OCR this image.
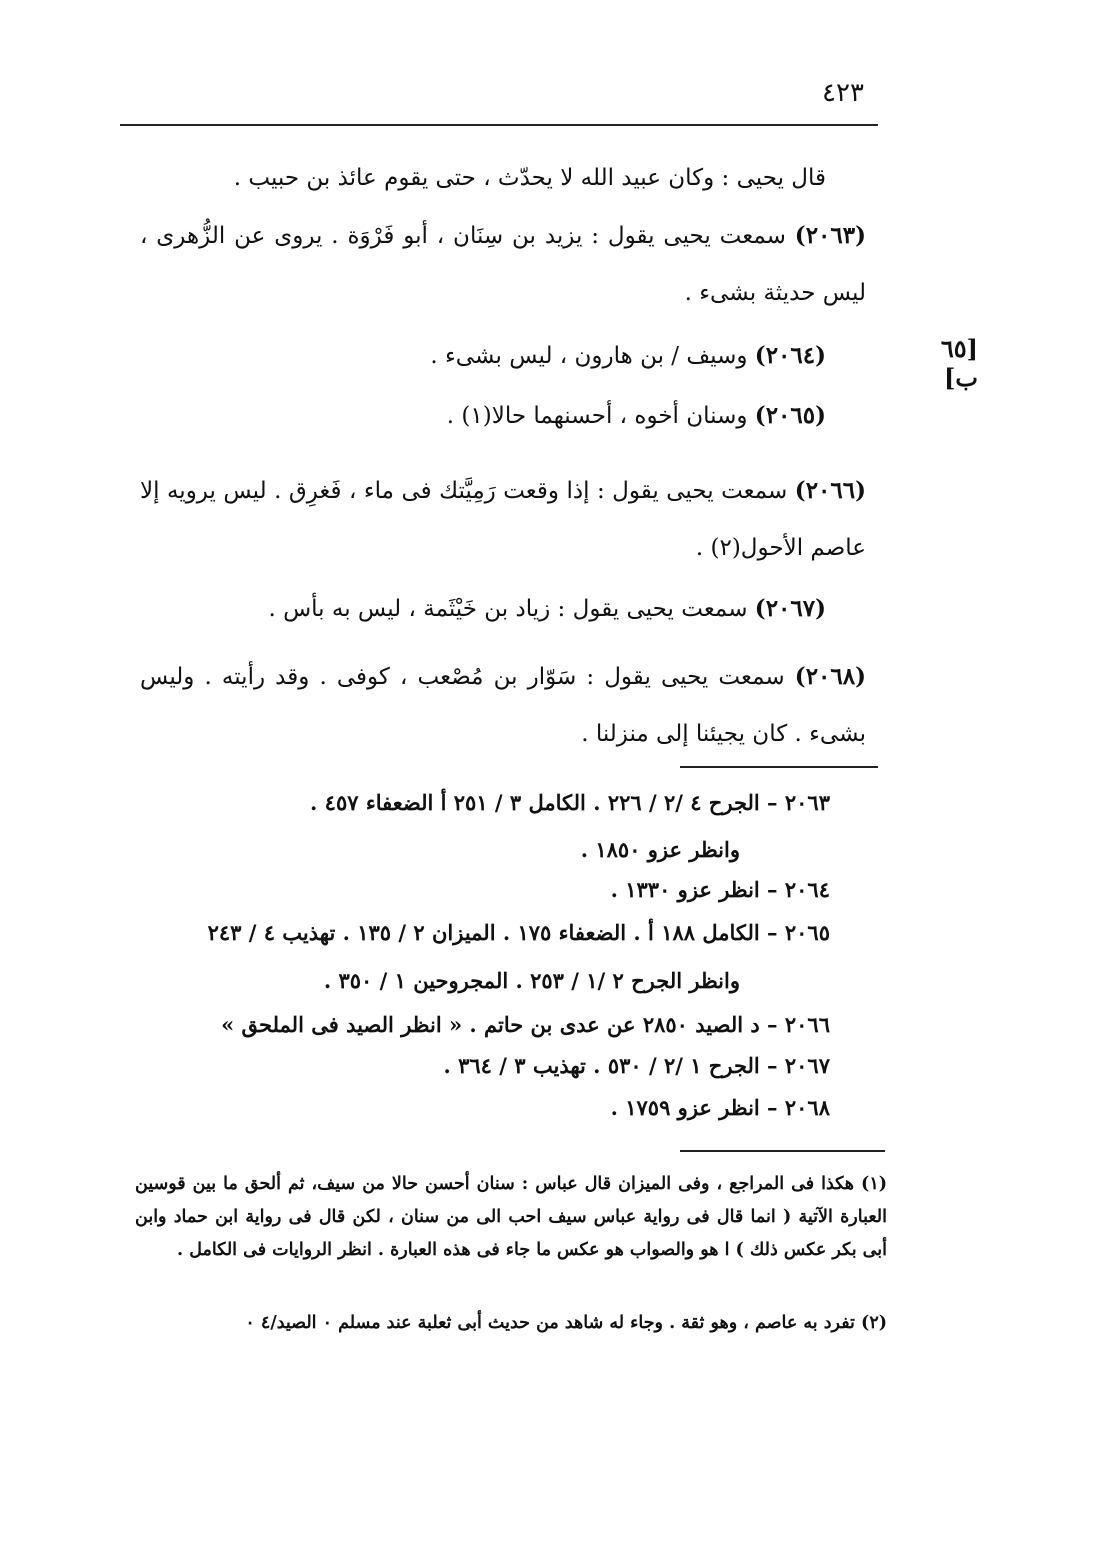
٤٢٣
قال يحيى : وكان عبيد الله لا يحدّث ، حتى يقوم عائذ بن حبيب .
(٢٠٦٣) سمعت يحيى يقول : يزيد بن سِنَان ، أبو فَرْوَة . يروى عن الزُّهرى ، ليس حديثة بشىء .
[٦٥ ب]
(٢٠٦٤) وسيف / بن هارون ، ليس بشىء .
(٢٠٦٥) وسنان أخوه ، أحسنهما حالا(١) .
(٢٠٦٦) سمعت يحيى يقول : إذا وقعت رَمِيَّتك فى ماء ، فَغرِق . ليس يرويه إلا عاصم الأحول(٢) .
(٢٠٦٧) سمعت يحيى يقول : زياد بن خَيْثَمة ، ليس به بأس .
(٢٠٦٨) سمعت يحيى يقول : سَوّار بن مُصْعب ، كوفى . وقد رأيته . وليس بشىء . كان يجيئنا إلى منزلنا .
٢٠٦٣ – الجرح ٤ /٢ / ٢٢٦ . الكامل ٣ / ٢٥١ أ الضعفاء ٤٥٧ .
وانظر عزو ١٨٥٠ .
٢٠٦٤ – انظر عزو ١٣٣٠ .
٢٠٦٥ – الكامل ١٨٨ أ . الضعفاء ١٧٥ . الميزان ٢ / ١٣٥ . تهذيب ٤ / ٢٤٣
وانظر الجرح ٢ /١ / ٢٥٣ . المجروحين ١ / ٣٥٠ .
٢٠٦٦ – د الصيد ٢٨٥٠ عن عدى بن حاتم . « انظر الصيد فى الملحق »
٢٠٦٧ – الجرح ١ /٢ / ٥٣٠ . تهذيب ٣ / ٣٦٤ .
٢٠٦٨ – انظر عزو ١٧٥٩ .
(١) هكذا فى المراجع ، وفى الميزان قال عباس : سنان أحسن حالا من سيف، ثم ألحق ما بين قوسين العبارة الآتية ( انما قال فى رواية عباس سيف احب الى من سنان ، لكن قال فى رواية ابن حماد وابن أبى بكر عكس ذلك ) ا هو والصواب هو عكس ما جاء فى هذه العبارة . انظر الروايات فى الكامل .
(٢) تفرد به عاصم ، وهو ثقة . وجاء له شاهد من حديث أبى ثعلبة عند مسلم ٠ الصيد/٤ ٠
